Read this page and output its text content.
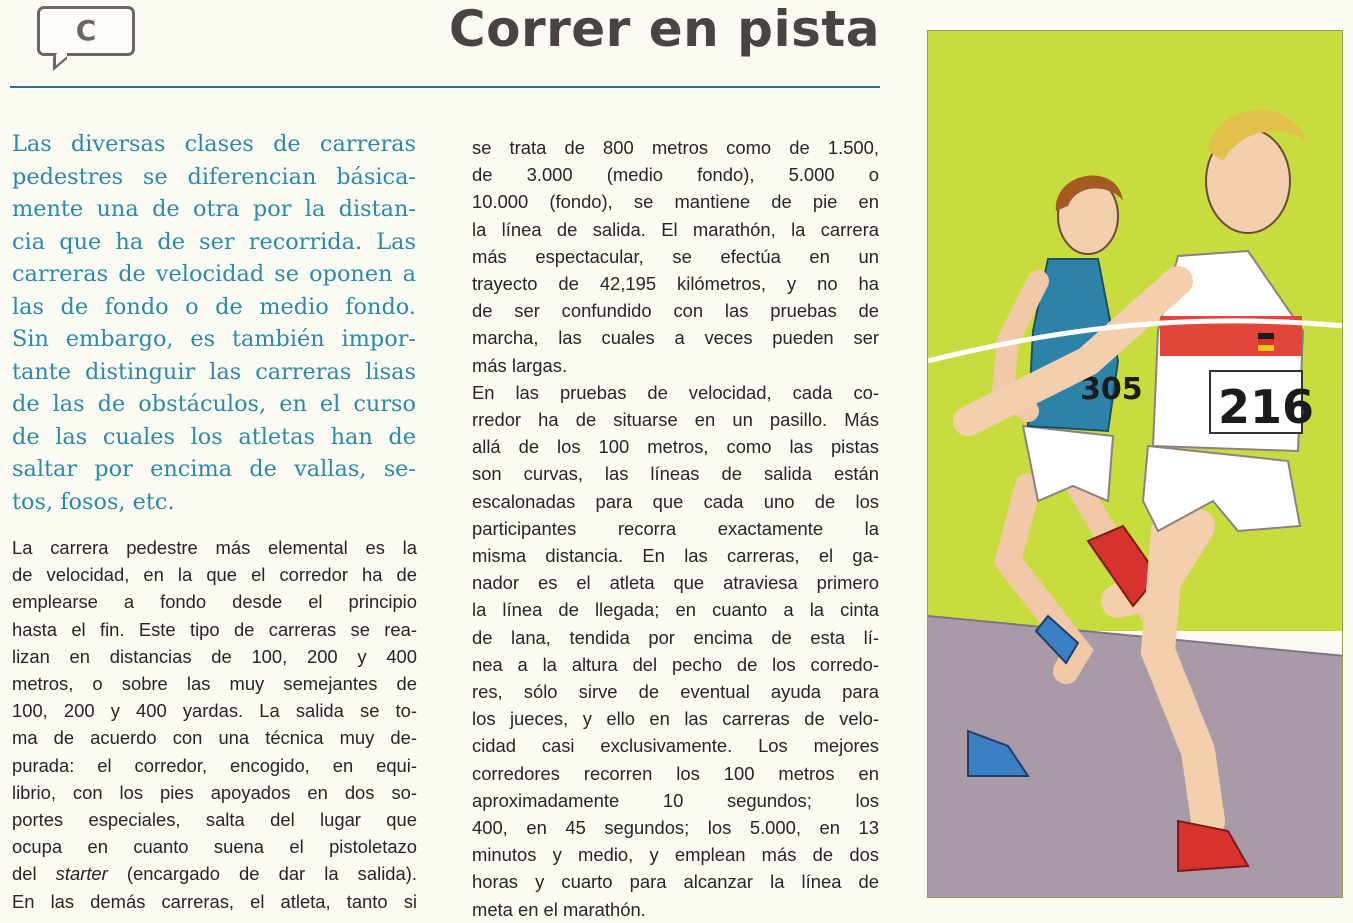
C	Correr en pista
Las diversas clases de carreras
pedestres se diferencian básica-
mente una de otra por la distan-
cia que ha de ser recorrida. Las
carreras de velocidad se oponen a
las de fondo o de medio fondo.
Sin embargo, es también impor-
tante distinguir las carreras lisas
de las de obstáculos, en el curso
de las cuales los atletas han de
saltar por encima de vallas, se-
tos, fosos, etc.
La carrera pedestre más elemental es la
de velocidad, en la que el corredor ha de
emplearse a fondo desde el principio
hasta el fin. Este tipo de carreras se rea-
lizan en distancias de 100, 200 y 400
metros, o sobre las muy semejantes de
100, 200 y 400 yardas. La salida se to-
ma de acuerdo con una técnica muy de-
purada: el corredor, encogido, en equi-
librio, con los pies apoyados en dos so-
portes especiales, salta del lugar que
ocupa en cuanto suena el pistoletazo
del starter (encargado de dar la salida).
En las demás carreras, el atleta, tanto si
se trata de 800 metros como de 1.500,
de 3.000 (medio fondo), 5.000 o
10.000 (fondo), se mantiene de pie en
la línea de salida. El marathón, la carrera
más espectacular, se efectúa en un
trayecto de 42,195 kilómetros, y no ha
de ser confundido con las pruebas de
marcha, las cuales a veces pueden ser
más largas.
En las pruebas de velocidad, cada co-
rredor ha de situarse en un pasillo. Más
allá de los 100 metros, como las pistas
son curvas, las líneas de salida están
escalonadas para que cada uno de los
participantes recorra exactamente la
misma distancia. En las carreras, el ga-
nador es el atleta que atraviesa primero
la línea de llegada; en cuanto a la cinta
de lana, tendida por encima de esta lí-
nea a la altura del pecho de los corredo-
res, sólo sirve de eventual ayuda para
los jueces, y ello en las carreras de velo-
cidad casi exclusivamente. Los mejores
corredores recorren los 100 metros en
aproximadamente 10 segundos; los
400, en 45 segundos; los 5.000, en 13
minutos y medio, y emplean más de dos
horas y cuarto para alcanzar la línea de
meta en el marathón.
305 216
